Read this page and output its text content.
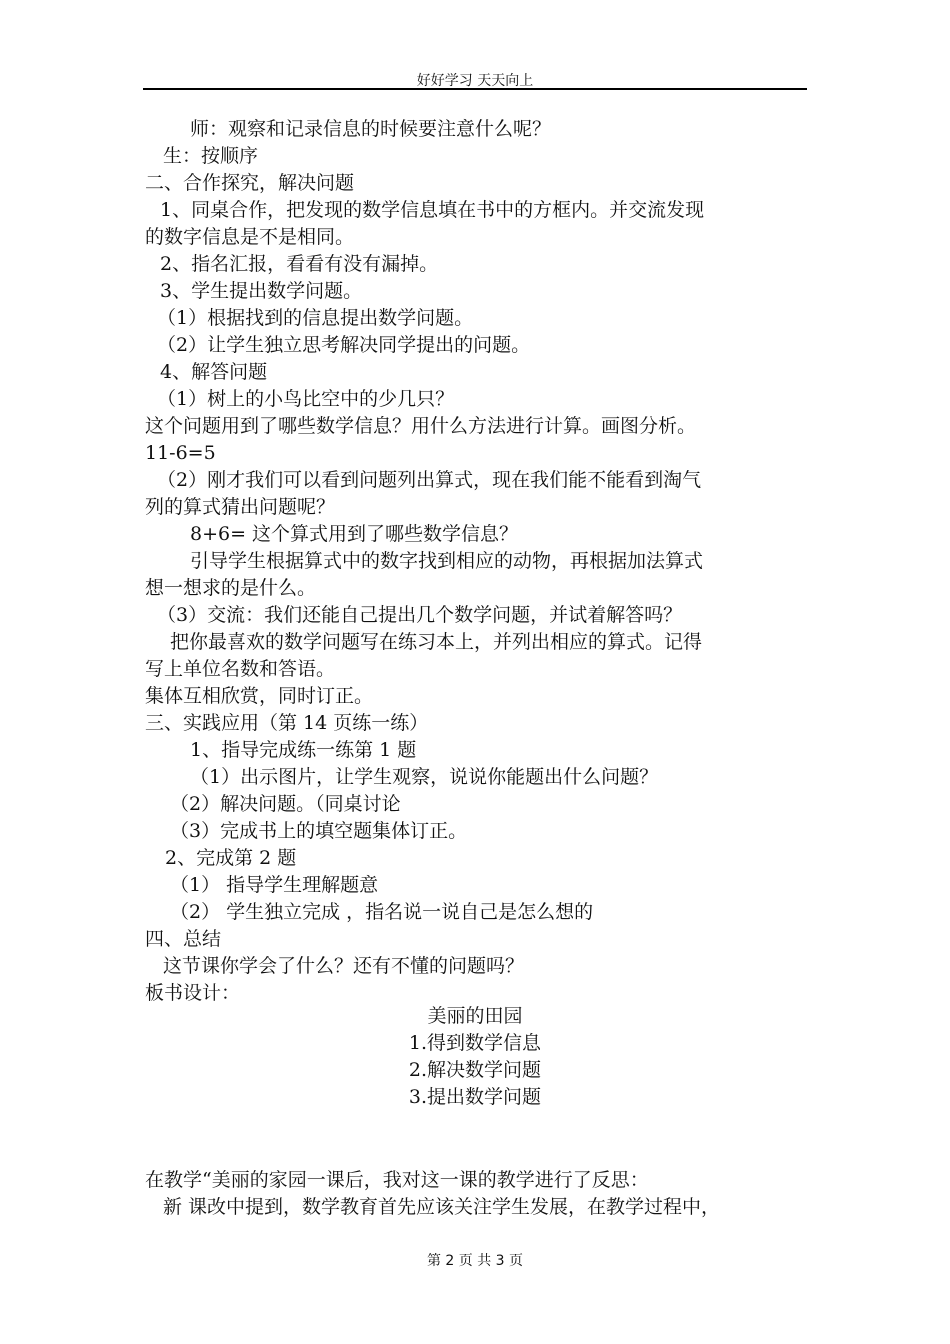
好好学习 天天向上
师：观察和记录信息的时候要注意什么呢？
生：按顺序
二、合作探究，解决问题
1、同桌合作，把发现的数学信息填在书中的方框内。并交流发现
的数字信息是不是相同。
2、指名汇报，看看有没有漏掉。
3、学生提出数学问题。
（1）根据找到的信息提出数学问题。
（2）让学生独立思考解决同学提出的问题。
4、解答问题
（1）树上的小鸟比空中的少几只？
这个问题用到了哪些数学信息？用什么方法进行计算。画图分析。
11-6=5
（2）刚才我们可以看到问题列出算式，现在我们能不能看到淘气
列的算式猜出问题呢？
8+6= 这个算式用到了哪些数学信息？
引导学生根据算式中的数字找到相应的动物，再根据加法算式
想一想求的是什么。
（3）交流：我们还能自己提出几个数学问题，并试着解答吗？
把你最喜欢的数学问题写在练习本上，并列出相应的算式。记得
写上单位名数和答语。
集体互相欣赏，同时订正。
三、实践应用（第 14 页练一练）
1、指导完成练一练第 1 题
（1）出示图片，让学生观察，说说你能题出什么问题？
（2）解决问题。（同桌讨论
（3）完成书上的填空题集体订正。
2、完成第 2 题
（1） 指导学生理解题意
（2） 学生独立完成 ，指名说一说自己是怎么想的
四、总结
这节课你学会了什么？还有不懂的问题吗？
板书设计：
美丽的田园
1.得到数学信息
2.解决数学问题
3.提出数学问题
在教学“美丽的家园一课后，我对这一课的教学进行了反思：
新 课改中提到，数学教育首先应该关注学生发展，在教学过程中，
第 2 页 共 3 页
